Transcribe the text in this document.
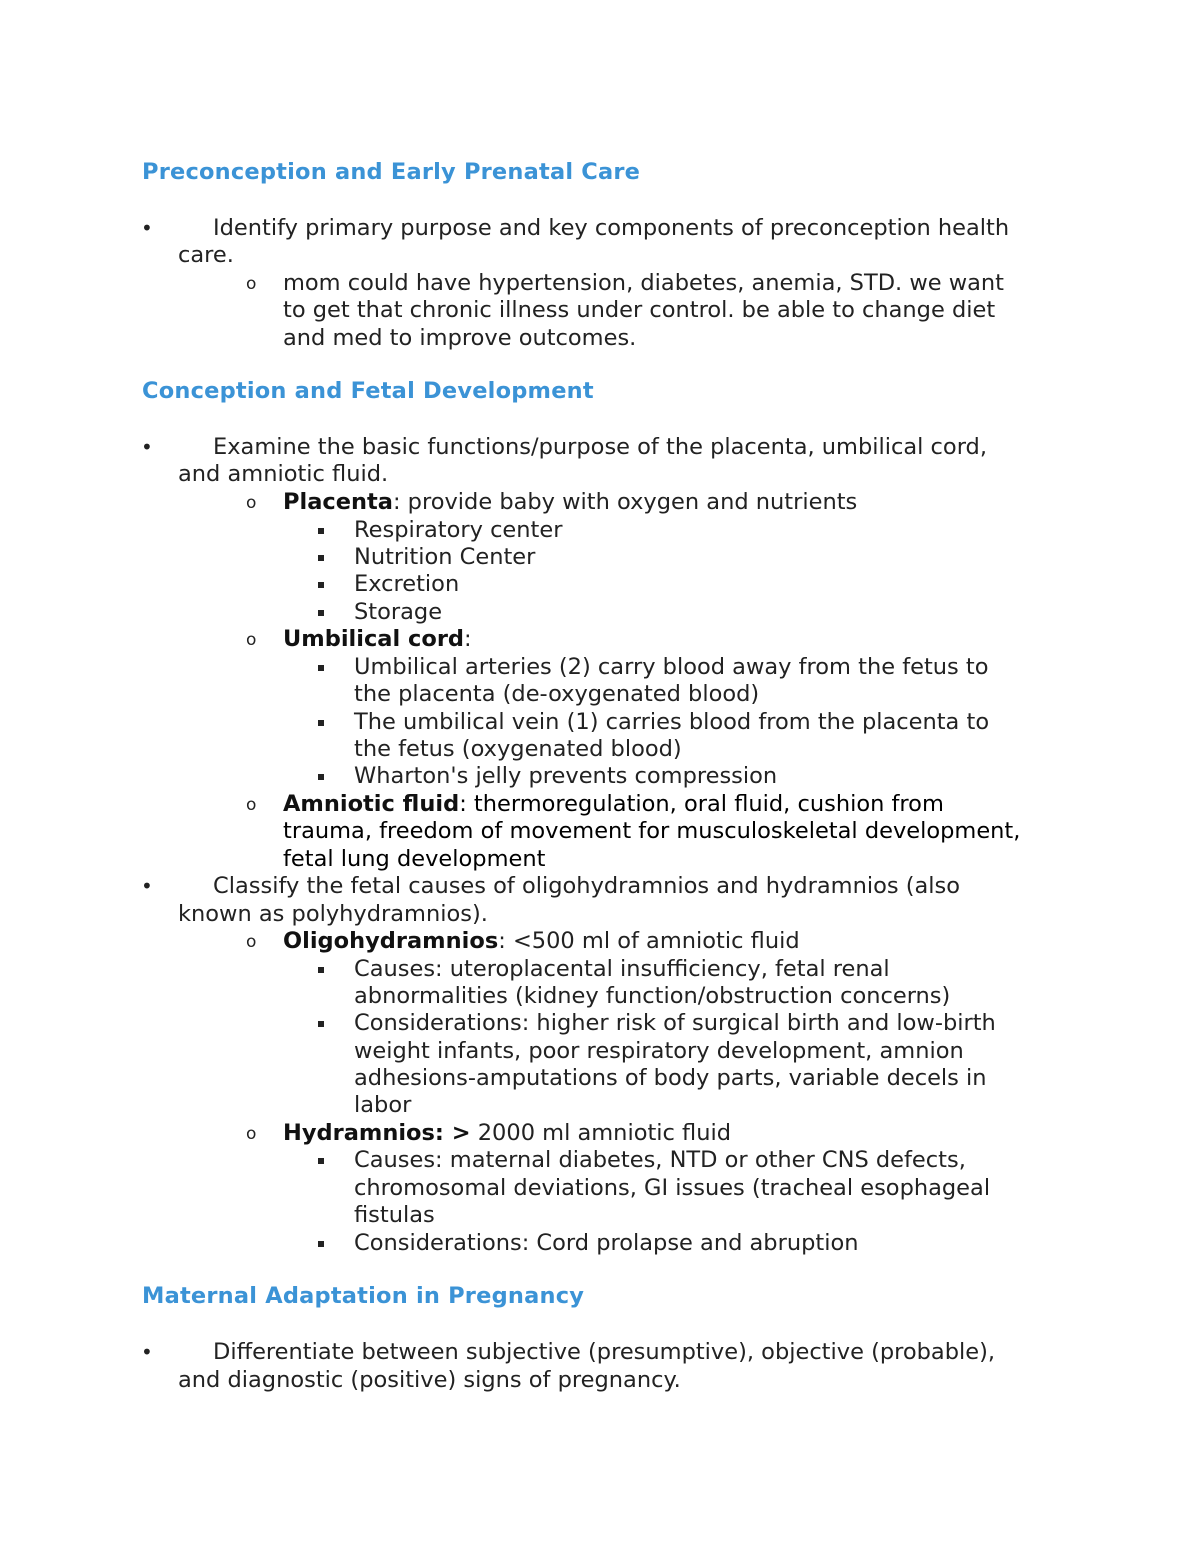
Preconception and Early Prenatal Care
•	Identify primary purpose and key components of preconception health
care.
o mom could have hypertension, diabetes, anemia, STD. we want
to get that chronic illness under control. be able to change diet
and med to improve outcomes.
Conception and Fetal Development
•	Examine the basic functions/purpose of the placenta, umbilical cord,
and amniotic fluid.
o Placenta: provide baby with oxygen and nutrients
Respiratory center
Nutrition Center
Excretion
Storage
o Umbilical cord:
Umbilical arteries (2) carry blood away from the fetus to
the placenta (de-oxygenated blood)
The umbilical vein (1) carries blood from the placenta to
the fetus (oxygenated blood)
Wharton's jelly prevents compression
o Amniotic fluid: thermoregulation, oral fluid, cushion from
trauma, freedom of movement for musculoskeletal development,
fetal lung development
•	Classify the fetal causes of oligohydramnios and hydramnios (also
known as polyhydramnios).
o Oligohydramnios: <500 ml of amniotic fluid
Causes: uteroplacental insufficiency, fetal renal
abnormalities (kidney function/obstruction concerns)
Considerations: higher risk of surgical birth and low-birth
weight infants, poor respiratory development, amnion
adhesions-amputations of body parts, variable decels in
labor
o Hydramnios: > 2000 ml amniotic fluid
Causes: maternal diabetes, NTD or other CNS defects,
chromosomal deviations, GI issues (tracheal esophageal
fistulas
Considerations: Cord prolapse and abruption
Maternal Adaptation in Pregnancy
•	Differentiate between subjective (presumptive), objective (probable),
and diagnostic (positive) signs of pregnancy.
